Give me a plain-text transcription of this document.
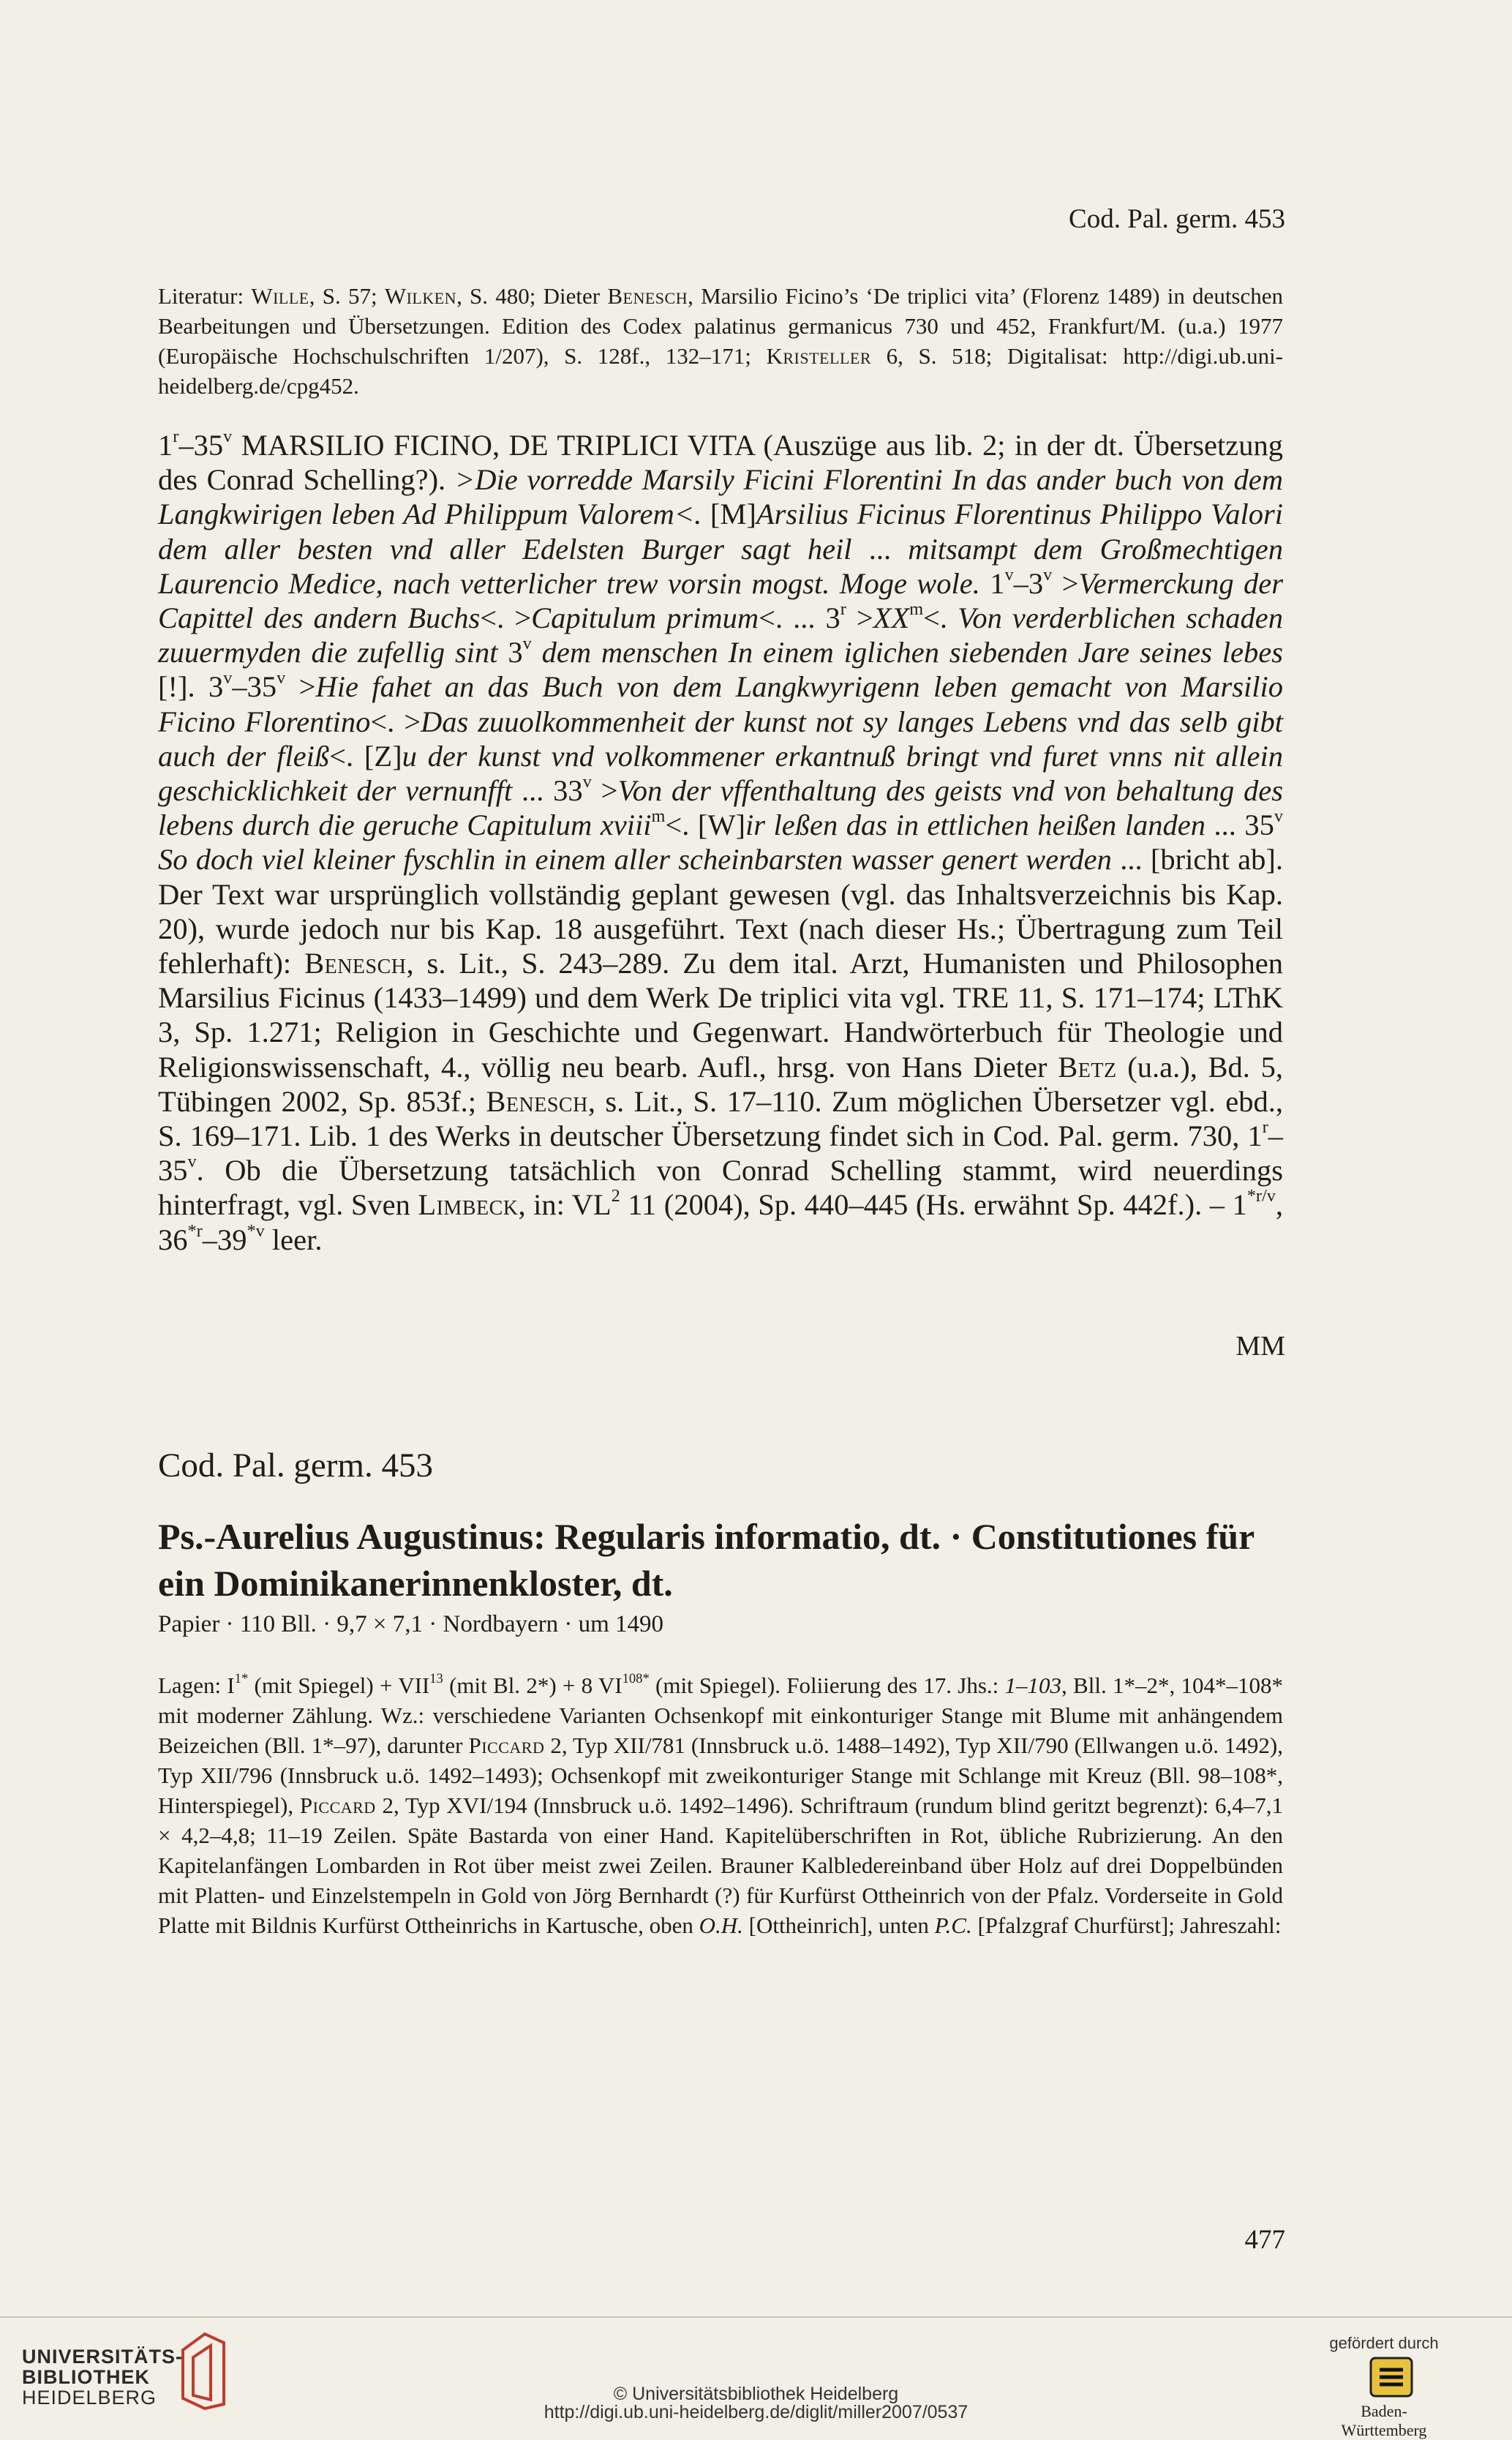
Cod. Pal. germ. 453
Literatur: Wille, S. 57; Wilken, S. 480; Dieter Benesch, Marsilio Ficino’s ‘De triplici vita’ (Florenz 1489) in deutschen Bearbeitungen und Übersetzungen. Edition des Codex palatinus germanicus 730 und 452, Frankfurt/M. (u.a.) 1977 (Europäische Hochschulschriften 1/207), S. 128f., 132–171; Kristeller 6, S. 518; Digitalisat: http://digi.ub.uni-heidelberg.de/cpg452.
1$^r$–35$^v$ MARSILIO FICINO, DE TRIPLICI VITA (Auszüge aus lib. 2; in der dt. Übersetzung des Conrad Schelling?). >Die vorredde Marsily Ficini Florentini In das ander buch von dem Langkwirigen leben Ad Philippum Valorem<. [M]Arsilius Ficinus Florentinus Philippo Valori dem aller besten vnd aller Edelsten Burger sagt heil ... mitsampt dem Großmechtigen Laurencio Medice, nach vetterlicher trew vorsin mogst. Moge wole. $1^v-3^v$ >Vermerckung der Capittel des andern Buchs<. >Capitulum primum<. ... $3^r >XX^m<$. Von verderblichen schaden zuuermyden die zufellig sint 3$^v$ dem menschen In einem iglichen siebenden Jare seines lebes [!]. $3^v-35^v >Hie$ fahet an das Buch von dem Langkwyrigenn leben gemacht von Marsilio Ficino Florentino<. >Das zuuolkommenheit der kunst not sy langes Lebens vnd das selb gibt auch der fleiß<. [Z]u der kunst vnd volkommener erkantnuß bringt vnd furet vnns nit allein geschicklichkeit der vernunfft ... $33^v >Von$ der vffenthaltung des geists vnd von behaltung des lebens durch die geruche Capitulum xviii$^m$<. [W]ir leßen das in ettlichen heißen landen ... 35$^v$ So doch viel kleiner fyschlin in einem aller scheinbarsten wasser genert werden ... [bricht ab]. Der Text war ursprünglich vollständig geplant gewesen (vgl. das Inhaltsverzeichnis bis Kap. 20), wurde jedoch nur bis Kap. 18 ausgeführt. Text (nach dieser Hs.; Übertragung zum Teil fehlerhaft): Benesch, s. Lit., S. 243–289. Zu dem ital. Arzt, Humanisten und Philosophen Marsilius Ficinus (1433–1499) und dem Werk De triplici vita vgl. TRE 11, S. 171–174; LThK 3, Sp. 1.271; Religion in Geschichte und Gegenwart. Handwörterbuch für Theologie und Religionswissenschaft, 4., völlig neu bearb. Aufl., hrsg. von Hans Dieter Betz (u.a.), Bd. 5, Tübingen 2002, Sp. 853f.; Benesch, s. Lit., S. 17–110. Zum möglichen Übersetzer vgl. ebd., S. 169–171. Lib. 1 des Werks in deutscher Übersetzung findet sich in Cod. Pal. germ. 730, 1$^r$–35$^v$. Ob die Übersetzung tatsächlich von Conrad Schelling stammt, wird neuerdings hinterfragt, vgl. Sven Limbeck, in: $VL^2$ 11 (2004), Sp. 440–445 (Hs. erwähnt Sp. 442f.). – $1^{*r/v}$, 36$^{*r}$–39$^{*v}$ leer.
MM
Cod. Pal. germ. 453
Ps.-Aurelius Augustinus: Regularis informatio, dt. · Constitutiones für ein Dominikanerinnenkloster, dt.
Papier · 110 Bll. · 9,7 × 7,1 · Nordbayern · um 1490
Lagen: $I^{1*}$ (mit Spiegel) + $VII^{13}$ (mit Bl. 2*) + 8 $VI^{108*}$ (mit Spiegel). Foliierung des 17. Jhs.: 1–103, Bll. 1*–2*, 104*–108* mit moderner Zählung. Wz.: verschiedene Varianten Ochsenkopf mit einkonturiger Stange mit Blume mit anhängendem Beizeichen (Bll. 1*–97), darunter Piccard 2, Typ XII/781 (Innsbruck u.ö. 1488–1492), Typ XII/790 (Ellwangen u.ö. 1492), Typ XII/796 (Innsbruck u.ö. 1492–1493); Ochsenkopf mit zweikonturiger Stange mit Schlange mit Kreuz (Bll. 98–108*, Hinterspiegel), Piccard 2, Typ XVI/194 (Innsbruck u.ö. 1492–1496). Schriftraum (rundum blind geritzt begrenzt): 6,4–7,1 × 4,2–4,8; 11–19 Zeilen. Späte Bastarda von einer Hand. Kapitelüberschriften in Rot, übliche Rubrizierung. An den Kapitelanfängen Lombarden in Rot über meist zwei Zeilen. Brauner Kalbledereinband über Holz auf drei Doppelbünden mit Platten- und Einzelstempeln in Gold von Jörg Bernhardt (?) für Kurfürst Ottheinrich von der Pfalz. Vorderseite in Gold Platte mit Bildnis Kurfürst Ottheinrichs in Kartusche, oben O.H. [Ottheinrich], unten P.C. [Pfalzgraf Churfürst]; Jahreszahl:
477
UNIVERSITÄTS-
BIBLIOTHEK
HEIDELBERG	© Universitätsbibliothek Heidelberg
http://digi.ub.uni-heidelberg.de/diglit/miller2007/0537
gefördert durch
Baden-Württemberg
